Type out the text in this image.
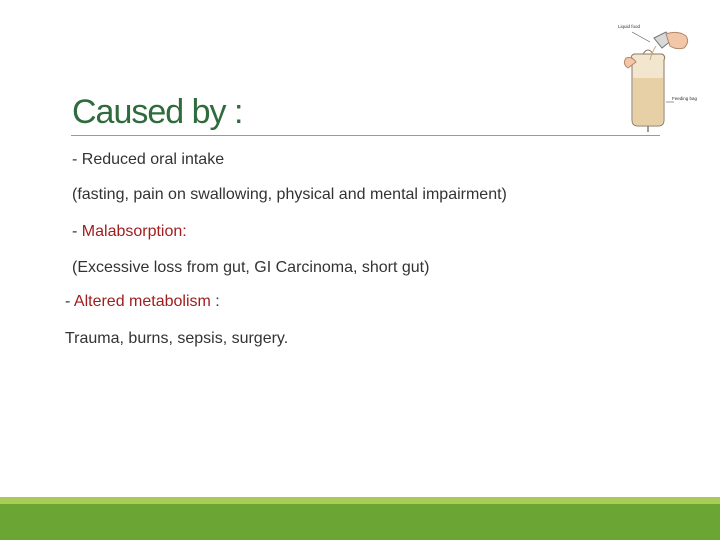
Caused by :
- Reduced oral intake
(fasting, pain on swallowing, physical and mental impairment)
- Malabsorption:
(Excessive loss from gut, GI Carcinoma, short gut)
- Altered metabolism :
Trauma, burns, sepsis, surgery.
Liquid food
Feeding bag
